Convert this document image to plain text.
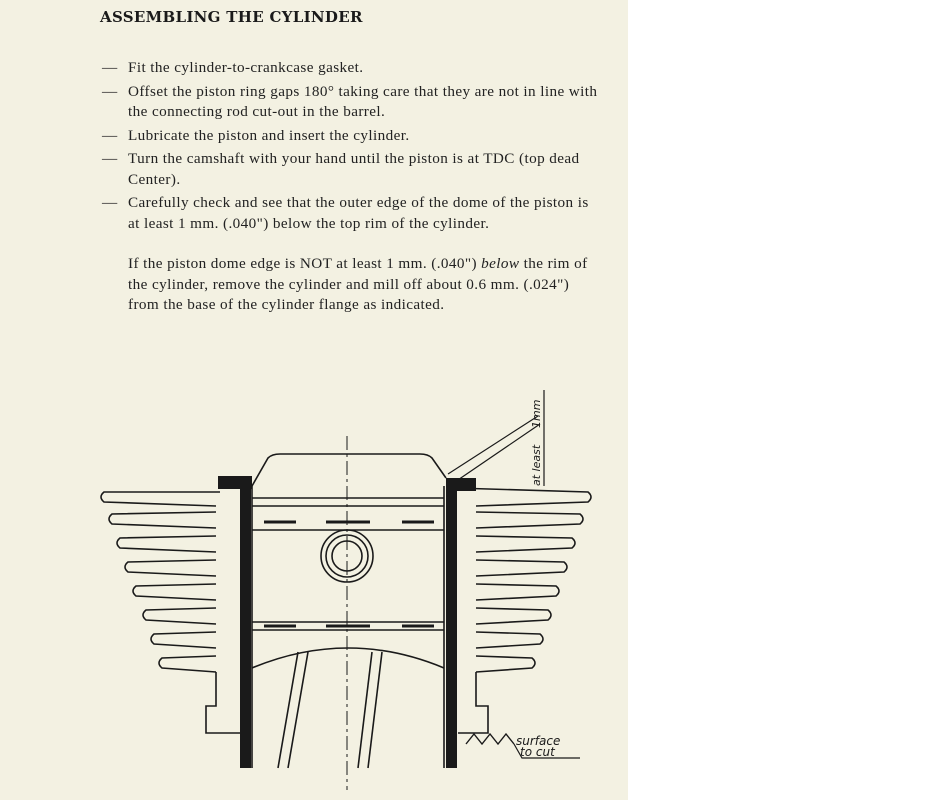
ASSEMBLING THE CYLINDER
— Fit the cylinder-to-crankcase gasket.
— Offset the piston ring gaps 180° taking care that they are not in line with the connecting rod cut-out in the barrel.
— Lubricate the piston and insert the cylinder.
— Turn the camshaft with your hand until the piston is at TDC (top dead Center).
— Carefully check and see that the outer edge of the dome of the piston is at least 1 mm. (.040") below the top rim of the cylinder.

If the piston dome edge is NOT at least 1 mm. (.040") below the rim of the cylinder, remove the cylinder and mill off about 0.6 mm. (.024") from the base of the cylinder flange as indicated.

at least
1mm
surface
to cut
